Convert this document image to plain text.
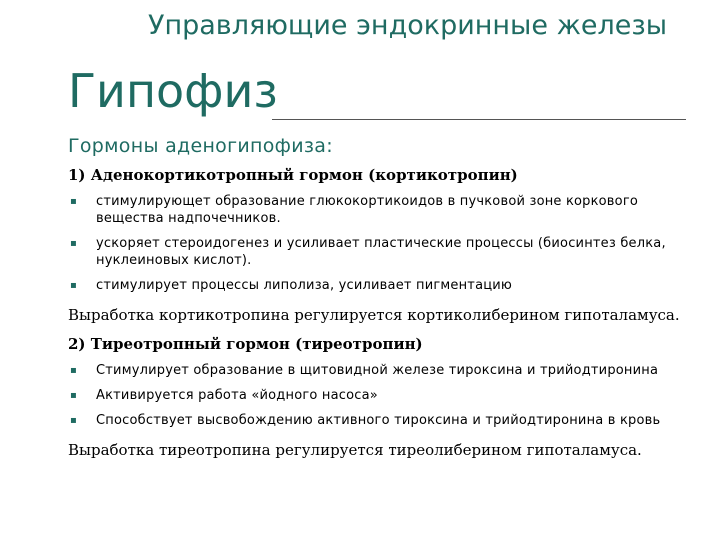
Управляющие эндокринные железы
Гипофиз
Гормоны аденогипофиза:

1) Аденокортикотропный гормон (кортикотропин)

▪ стимулирующет образование глюкокортикоидов в пучковой зоне коркового вещества надпочечников.
▪ ускоряет стероидогенез и усиливает пластические процессы (биосинтез белка, нуклеиновых кислот).
▪ стимулирует процессы липолиза, усиливает пигментацию

Выработка кортикотропина регулируется кортиколиберином гипоталамуса.

2) Тиреотропный гормон (тиреотропин)

▪ Стимулирует образование в щитовидной железе тироксина и трийодтиронина
▪ Активируется работа «йодного насоса»
▪ Способствует высвобождению активного тироксина и трийодтиронина в кровь

Выработка тиреотропина регулируется тиреолиберином гипоталамуса.
